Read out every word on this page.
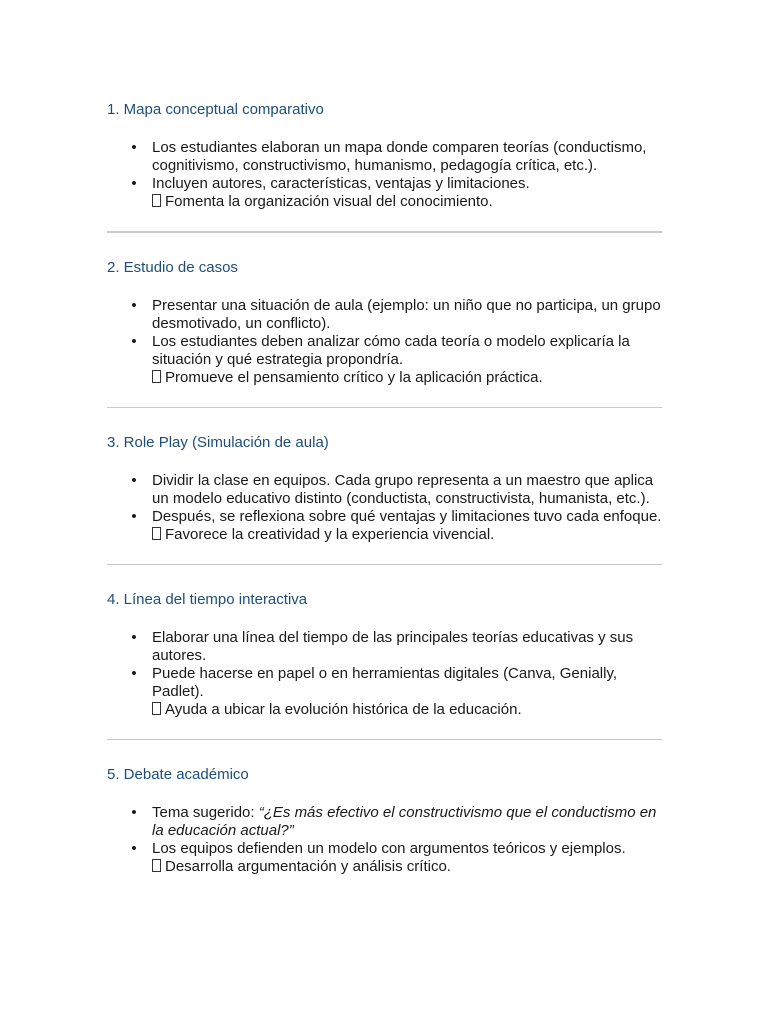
1. Mapa conceptual comparativo
• Los estudiantes elaboran un mapa donde comparen teorías (conductismo, cognitivismo, constructivismo, humanismo, pedagogía crítica, etc.).
• Incluyen autores, características, ventajas y limitaciones.
Fomenta la organización visual del conocimiento.
2. Estudio de casos
• Presentar una situación de aula (ejemplo: un niño que no participa, un grupo desmotivado, un conflicto).
• Los estudiantes deben analizar cómo cada teoría o modelo explicaría la situación y qué estrategia propondría.
Promueve el pensamiento crítico y la aplicación práctica.
3. Role Play (Simulación de aula)
• Dividir la clase en equipos. Cada grupo representa a un maestro que aplica un modelo educativo distinto (conductista, constructivista, humanista, etc.).
• Después, se reflexiona sobre qué ventajas y limitaciones tuvo cada enfoque.
Favorece la creatividad y la experiencia vivencial.
4. Línea del tiempo interactiva
• Elaborar una línea del tiempo de las principales teorías educativas y sus autores.
• Puede hacerse en papel o en herramientas digitales (Canva, Genially, Padlet).
Ayuda a ubicar la evolución histórica de la educación.
5. Debate académico
• Tema sugerido: “¿Es más efectivo el constructivismo que el conductismo en la educación actual?”
• Los equipos defienden un modelo con argumentos teóricos y ejemplos.
Desarrolla argumentación y análisis crítico.
